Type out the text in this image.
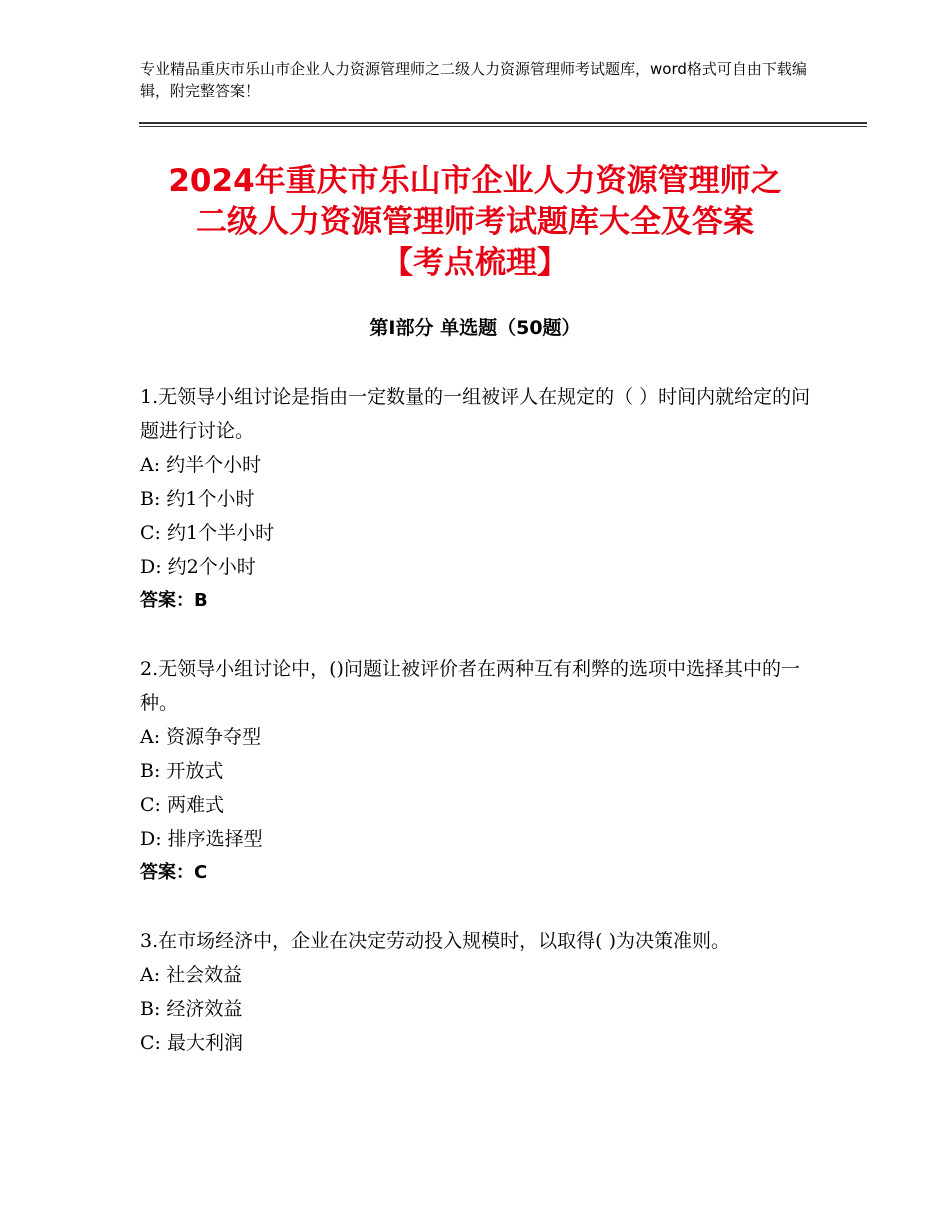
专业精品重庆市乐山市企业人力资源管理师之二级人力资源管理师考试题库，word格式可自由下载编辑，附完整答案！
2024年重庆市乐山市企业人力资源管理师之
二级人力资源管理师考试题库大全及答案
【考点梳理】
第Ⅰ部分 单选题（50题）
1.无领导小组讨论是指由一定数量的一组被评人在规定的（ ）时间内就给定的问题进行讨论。
A: 约半个小时
B: 约1个小时
C: 约1个半小时
D: 约2个小时
答案：B
2.无领导小组讨论中，()问题让被评价者在两种互有利弊的选项中选择其中的一种。
A: 资源争夺型
B: 开放式
C: 两难式
D: 排序选择型
答案：C
3.在市场经济中，企业在决定劳动投入规模时，以取得( )为决策准则。
A: 社会效益
B: 经济效益
C: 最大利润
